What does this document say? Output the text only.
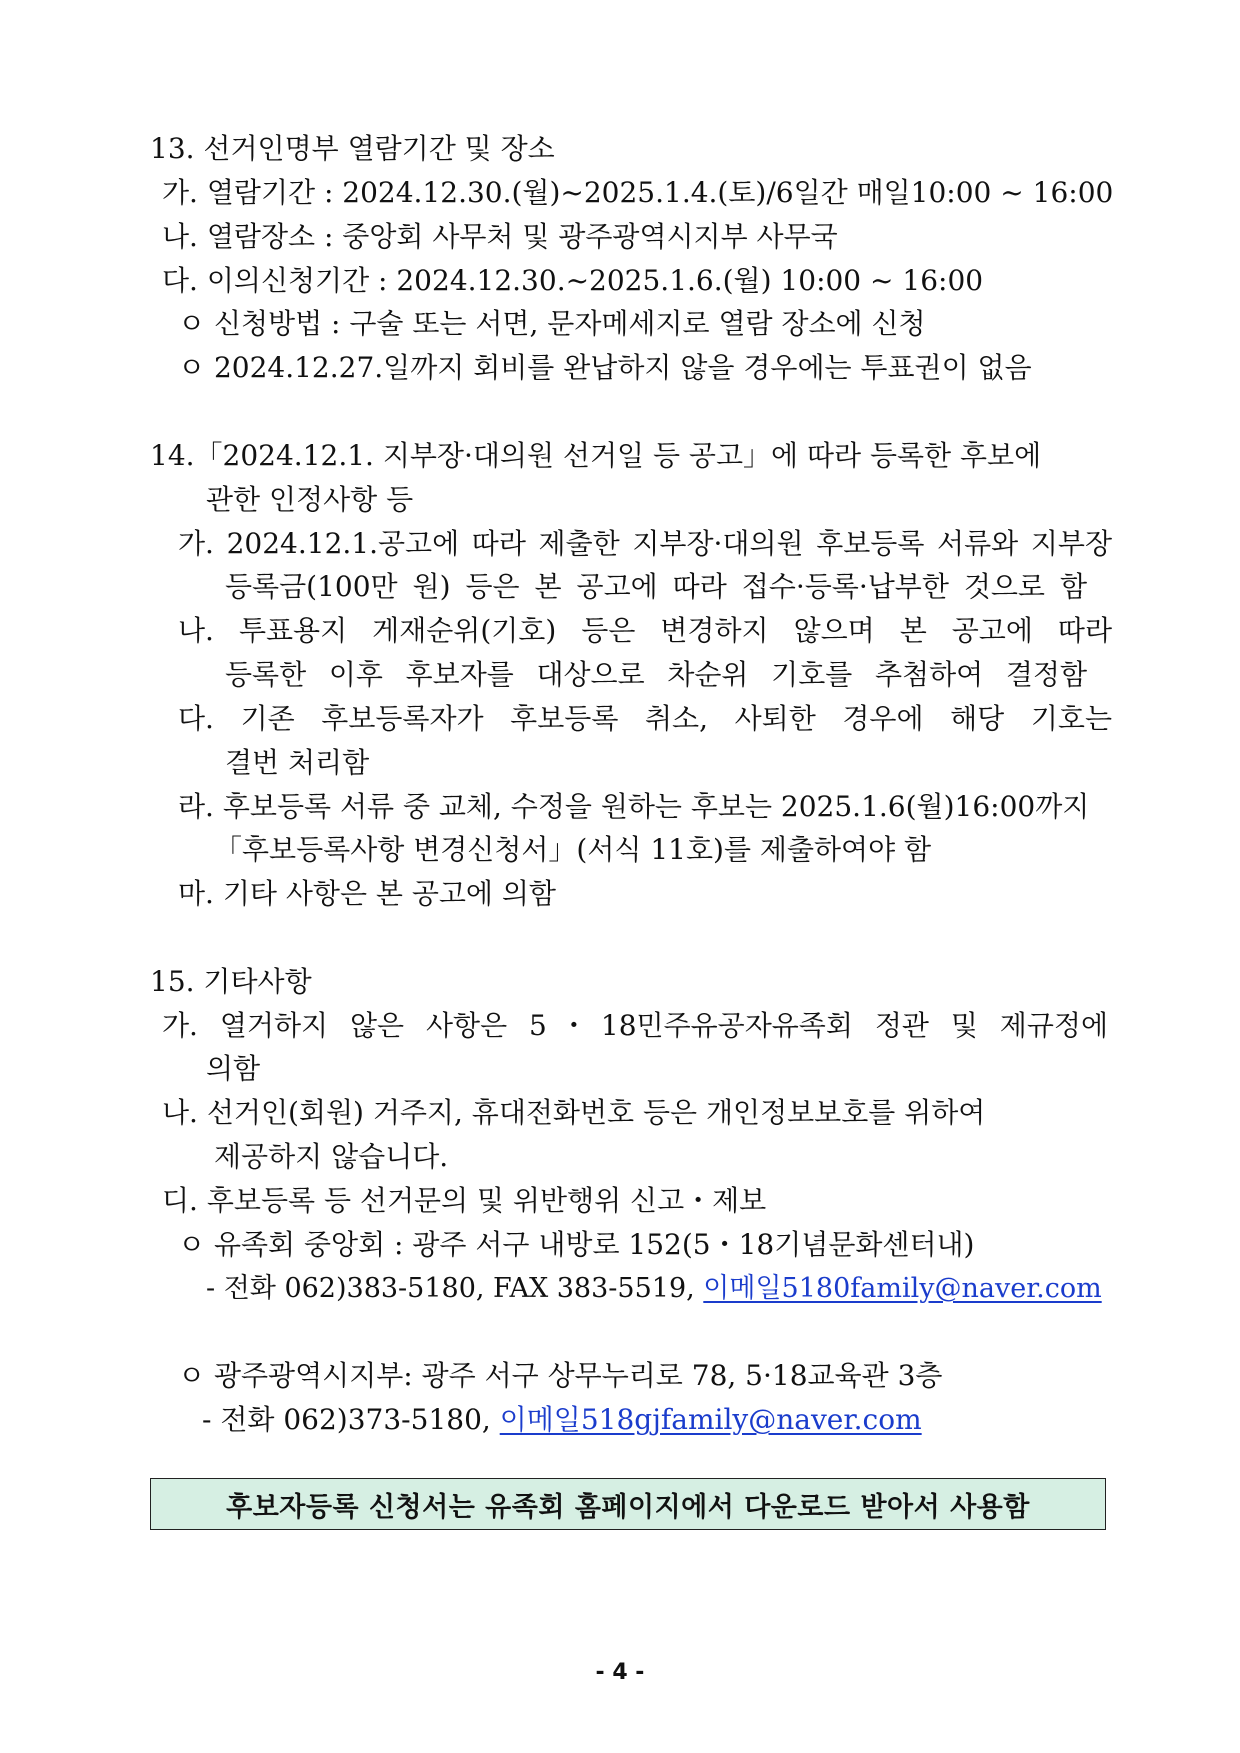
13. 선거인명부 열람기간 및 장소
가. 열람기간 : 2024.12.30.(월)~2025.1.4.(토)/6일간 매일10:00 ~ 16:00
나. 열람장소 : 중앙회 사무처 및 광주광역시지부 사무국
다. 이의신청기간 : 2024.12.30.~2025.1.6.(월) 10:00 ~ 16:00
ㅇ 신청방법 : 구술 또는 서면, 문자메세지로 열람 장소에 신청
ㅇ 2024.12.27.일까지 회비를 완납하지 않을 경우에는 투표권이 없음
14.「2024.12.1. 지부장·대의원 선거일 등 공고」에 따라 등록한 후보에
관한 인정사항 등
가. 2024.12.1.공고에 따라 제출한 지부장·대의원 후보등록 서류와 지부장
등록금(100만 원) 등은 본 공고에 따라 접수·등록·납부한 것으로 함
나. 투표용지 게재순위(기호) 등은 변경하지 않으며 본 공고에 따라
등록한 이후 후보자를 대상으로 차순위 기호를 추첨하여 결정함
다. 기존 후보등록자가 후보등록 취소, 사퇴한 경우에 해당 기호는
결번 처리함
라. 후보등록 서류 중 교체, 수정을 원하는 후보는 2025.1.6(월)16:00까지
「후보등록사항 변경신청서」(서식 11호)를 제출하여야 함
마. 기타 사항은 본 공고에 의함
15. 기타사항
가. 열거하지 않은 사항은 5・18민주유공자유족회 정관 및 제규정에
의함
나. 선거인(회원) 거주지, 휴대전화번호 등은 개인정보보호를 위하여
제공하지 않습니다.
디. 후보등록 등 선거문의 및 위반행위 신고・제보
ㅇ 유족회 중앙회 : 광주 서구 내방로 152(5・18기념문화센터내)
- 전화 062)383-5180, FAX 383-5519, 이메일5180family@naver.com
ㅇ 광주광역시지부: 광주 서구 상무누리로 78, 5·18교육관 3층
- 전화 062)373-5180, 이메일518gjfamily@naver.com
후보자등록 신청서는 유족회 홈페이지에서 다운로드 받아서 사용함
- 4 -
